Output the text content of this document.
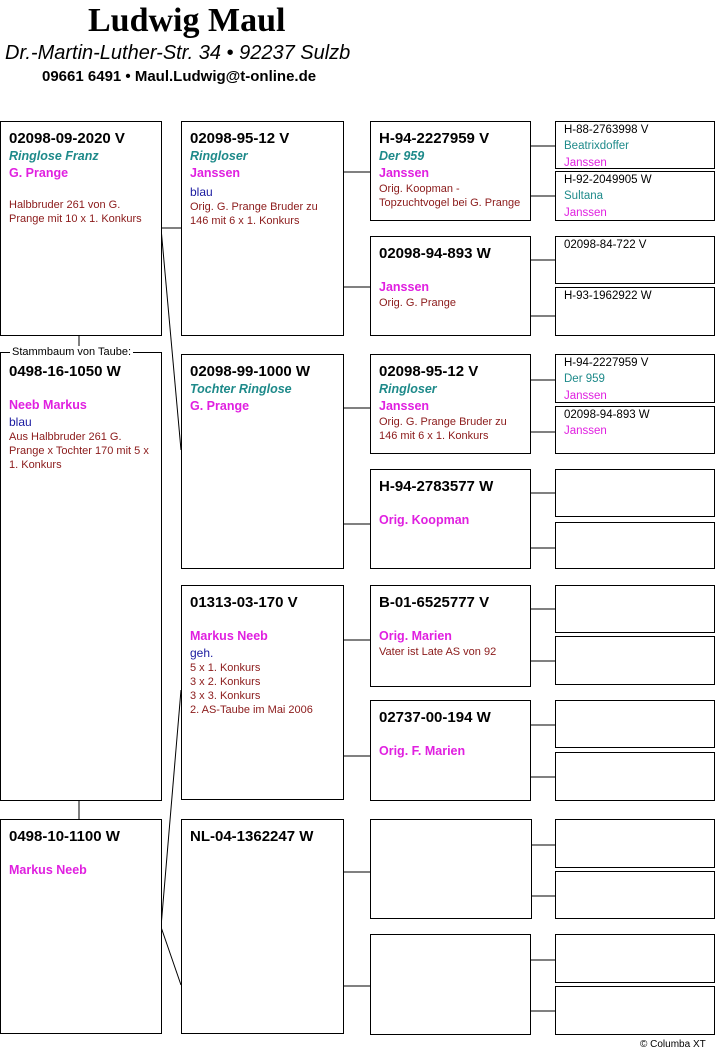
Ludwig Maul
Dr.-Martin-Luther-Str. 34 • 92237 Sulzb
09661 6491 • Maul.Ludwig@t-online.de
02098-09-2020 V
Ringlose Franz
G. Prange
Halbbruder 261 von G. Prange mit 10 x 1. Konkurs
0498-16-1050 W
Neeb Markus
blau
Aus Halbbruder 261 G. Prange x Tochter 170 mit 5 x 1. Konkurs
Stammbaum von Taube:
0498-10-1100 W
Markus Neeb
02098-95-12 V
Ringloser
Janssen
blau
Orig. G. Prange Bruder zu 146 mit 6 x 1. Konkurs
02098-99-1000 W
Tochter Ringlose
G. Prange
01313-03-170 V
Markus Neeb
geh.
5 x 1. Konkurs
3 x 2. Konkurs
3 x 3. Konkurs
2. AS-Taube im Mai 2006
NL-04-1362247 W
H-94-2227959 V
Der 959
Janssen
Orig. Koopman - Topzuchtvogel bei G. Prange
02098-94-893 W
Janssen
Orig. G. Prange
02098-95-12 V
Ringloser
Janssen
Orig. G. Prange Bruder zu 146 mit 6 x 1. Konkurs
H-94-2783577 W
Orig. Koopman
B-01-6525777 V
Orig. Marien
Vater ist Late AS von 92
02737-00-194 W
Orig. F. Marien
H-88-2763998 V
Beatrixdoffer
Janssen
H-92-2049905 W
Sultana
Janssen
02098-84-722 V
H-93-1962922 W
H-94-2227959 V
Der 959
Janssen
02098-94-893 W
Janssen
© Columba XT
